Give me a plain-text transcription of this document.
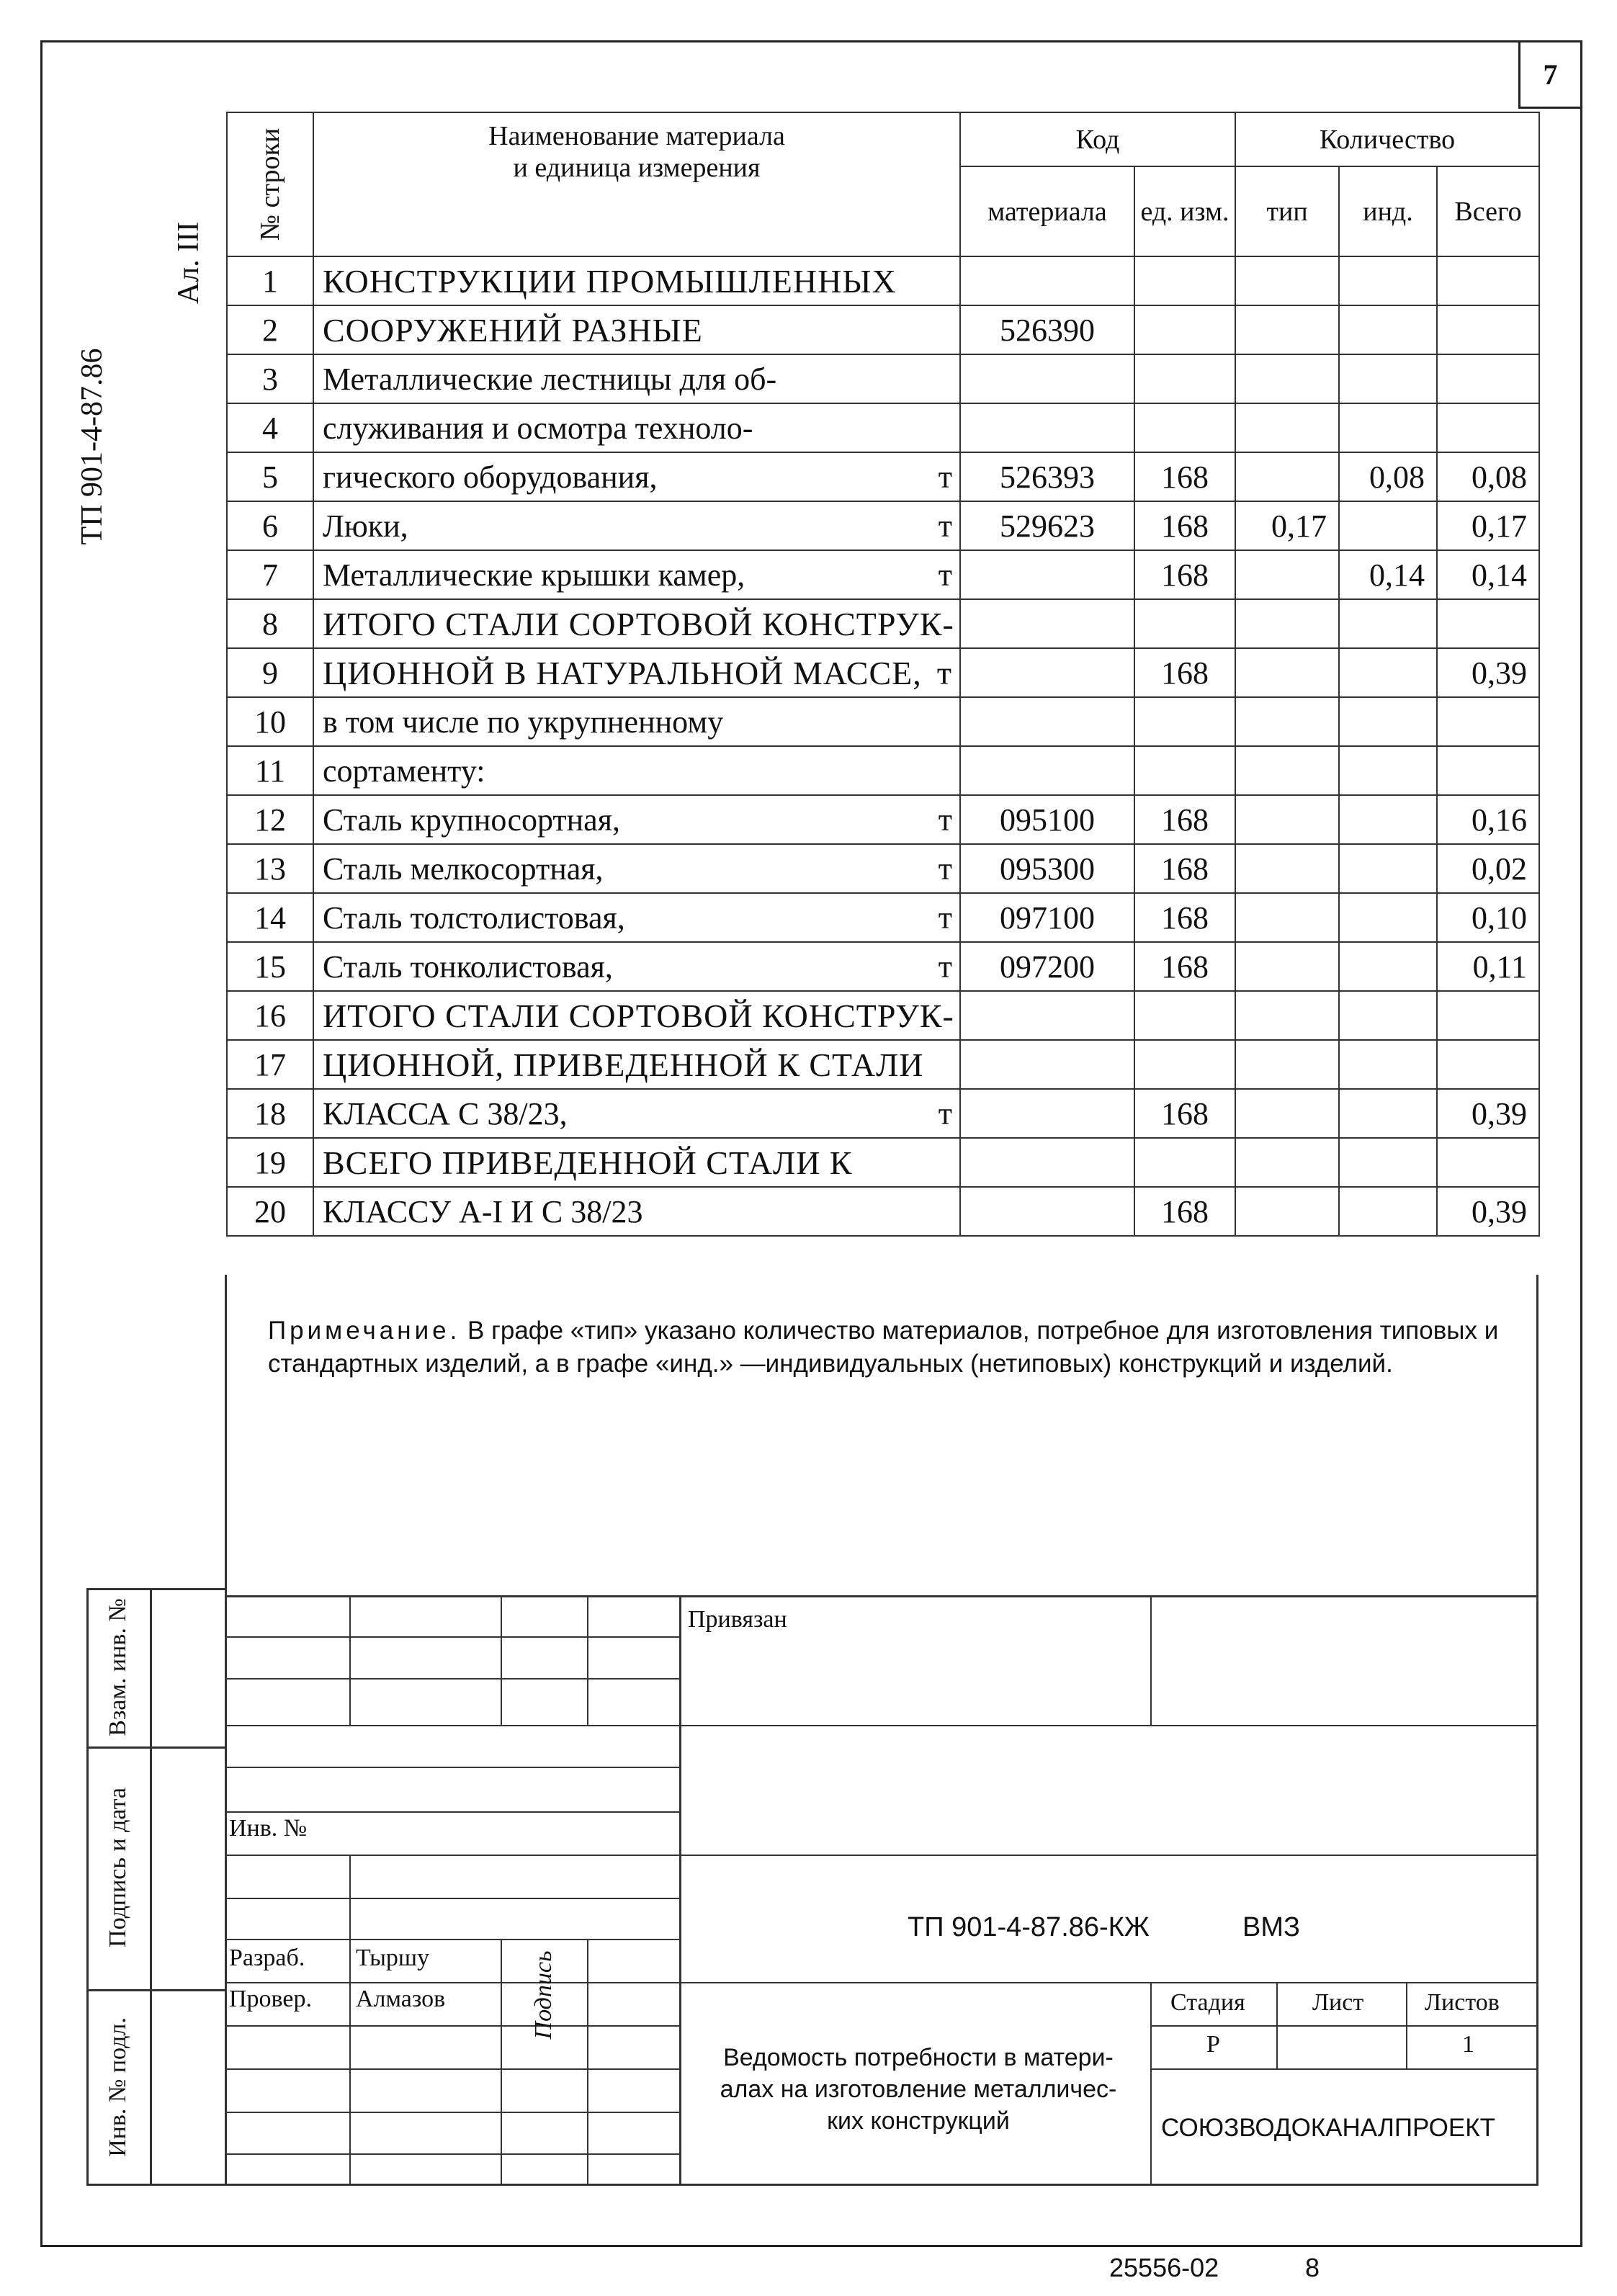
7
ТП 901-4-87.86
Ал. III
№ строки	Наименование материала
и единица измерения	Код		Количество		
		материала	ед. изм.	тип	инд.	Всего
1	КОНСТРУКЦИИ ПРОМЫШЛЕННЫХ

2	СООРУЖЕНИЙ РАЗНЫЕ	526390				
3	Металлические лестницы для об-

4	служивания и осмотра техноло-

5	гического оборудования, т	526393	168		0,08	0,08
6	Люки, т	529623	168	0,17		0,17
7	Металлические крышки камер, т		168		0,14	0,14
8	ИТОГО СТАЛИ СОРТОВОЙ КОНСТРУК-

9	ЦИОННОЙ В НАТУРАЛЬНОЙ МАССЕ, т		168			0,39
10	в том числе по укрупненному

11	сортаменту:

12	Сталь крупносортная, т	095100	168			0,16
13	Сталь мелкосортная, т	095300	168			0,02
14	Сталь толстолистовая, т	097100	168			0,10
15	Сталь тонколистовая, т	097200	168			0,11
16	ИТОГО СТАЛИ СОРТОВОЙ КОНСТРУК-

17	ЦИОННОЙ, ПРИВЕДЕННОЙ К СТАЛИ

18	КЛАССА С 38/23, т		168			0,39
19	ВСЕГО ПРИВЕДЕННОЙ СТАЛИ К

20	КЛАССУ А-I И С 38/23		168			0,39
Примечание. В графе «тип» указано количество материалов, потребное для изготовления типовых и стандартных изделий, а в графе «инд.» —индивидуальных (нетиповых) конструкций и изделий.
Взам. инв. №
Подпись и дата
Инв. № подл.
Привязан
Инв. №
Разраб. Тыршу
Провер. Алмазов	Подпись
ТП 901-4-87.86-КЖ	ВМЗ
Стадия	Лист Листов
Р	1
Ведомость потребности в матери-
алах на изготовление металличес-
ких конструкций	СОЮЗВОДОКАНАЛПРОЕКТ
25556-02	8
